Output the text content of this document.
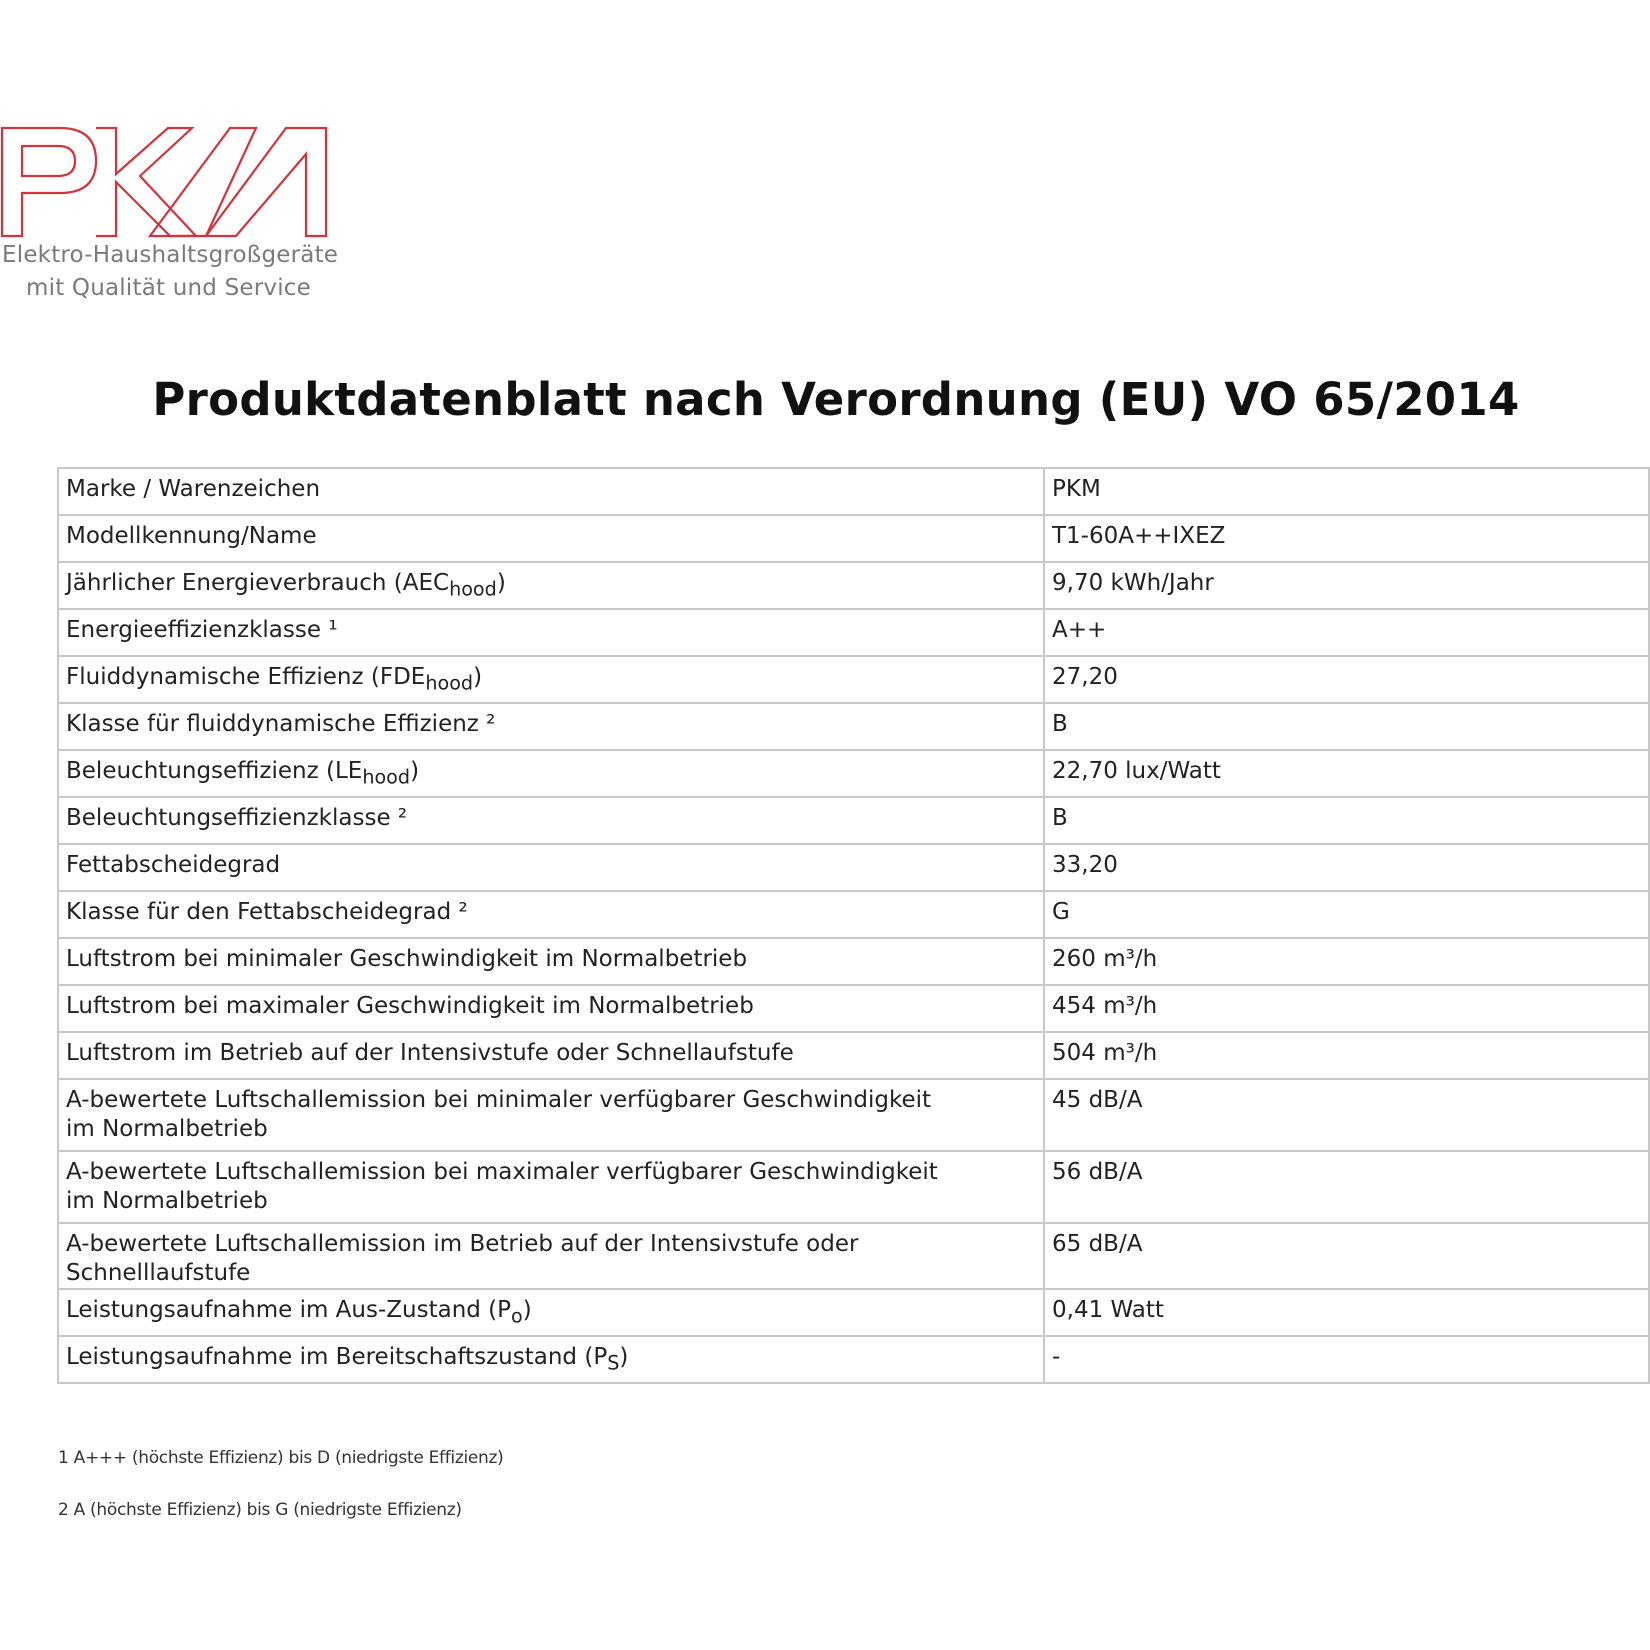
Elektro-Haushaltsgroßgeräte
mit Qualität und Service
Produktdatenblatt nach Verordnung (EU) VO 65/2014
Marke / Warenzeichen	PKM
Modellkennung/Name	T1-60A++IXEZ
Jährlicher Energieverbrauch $(AEC_{hood})$	9,70 kWh/Jahr
Energieeffizienzklasse ¹	A++
Fluiddynamische Effizienz $(FDE_{hood})$	27,20
Klasse für fluiddynamische Effizienz ²	B
Beleuchtungseffizienz $(LE_{hood})$	22,70 lux/Watt
Beleuchtungseffizienzklasse ²	B
Fettabscheidegrad	33,20
Klasse für den Fettabscheidegrad ²	G
Luftstrom bei minimaler Geschwindigkeit im Normalbetrieb	260 m³/h
Luftstrom bei maximaler Geschwindigkeit im Normalbetrieb	454 m³/h
Luftstrom im Betrieb auf der Intensivstufe oder Schnellaufstufe	504 m³/h
A-bewertete Luftschallemission bei minimaler verfügbarer Geschwindigkeit
im Normalbetrieb	45 dB/A
A-bewertete Luftschallemission bei maximaler verfügbarer Geschwindigkeit
im Normalbetrieb	56 dB/A
A-bewertete Luftschallemission im Betrieb auf der Intensivstufe oder Schnelllaufstufe	65 dB/A
Leistungsaufnahme im Aus-Zustand $(P_o)$	0,41 Watt
Leistungsaufnahme im Bereitschaftszustand $(P_S)$	-
1 A+++ (höchste Effizienz) bis D (niedrigste Effizienz)
2 A (höchste Effizienz) bis G (niedrigste Effizienz)
